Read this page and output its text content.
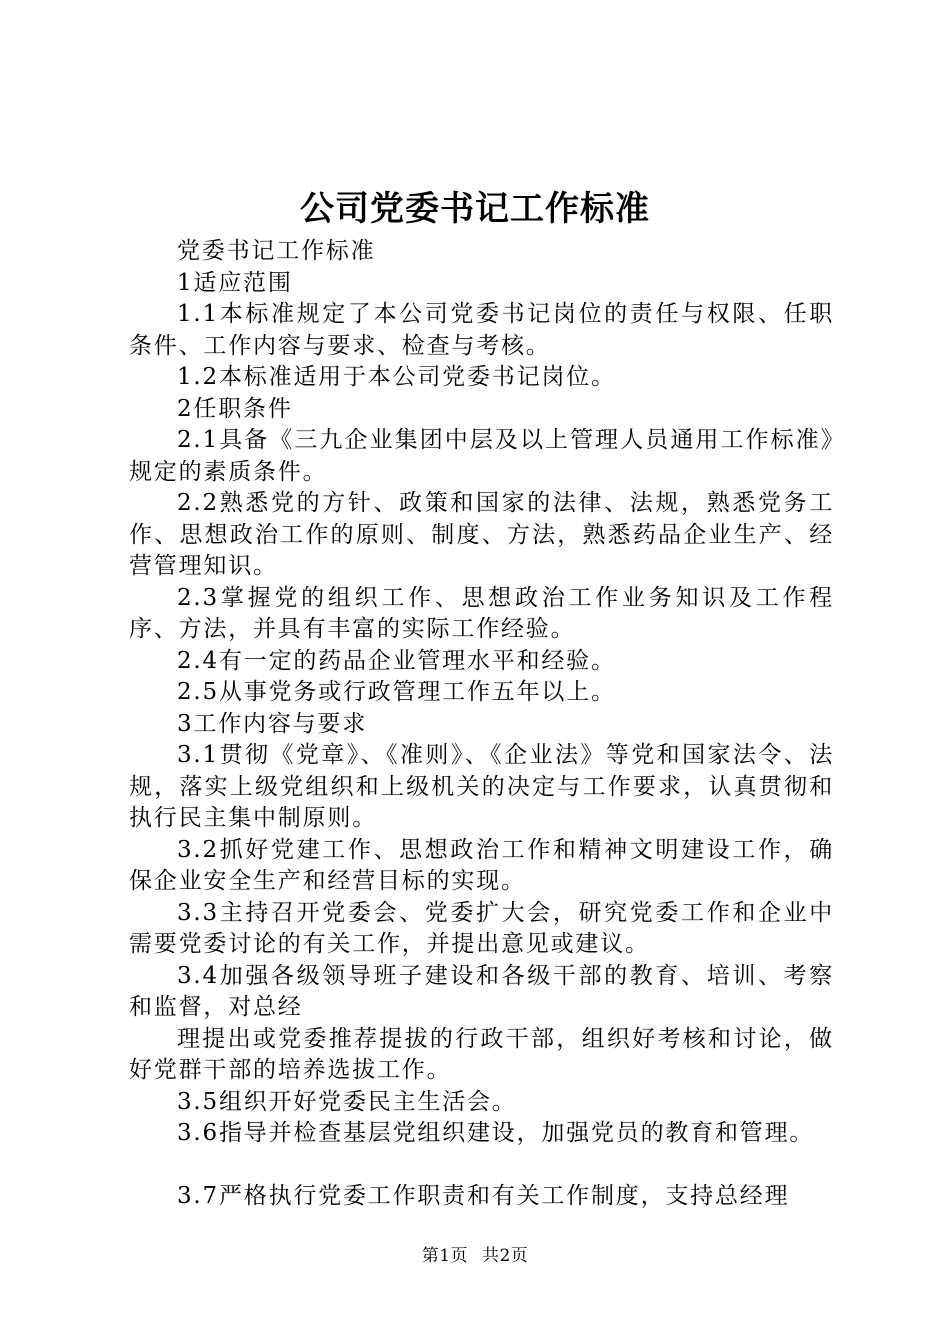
公司党委书记工作标准

党委书记工作标准

1适应范围

1.1本标准规定了本公司党委书记岗位的责任与权限、任职条件、工作内容与要求、检查与考核。

1.2本标准适用于本公司党委书记岗位。

2任职条件

2.1具备《三九企业集团中层及以上管理人员通用工作标准》规定的素质条件。

2.2熟悉党的方针、政策和国家的法律、法规，熟悉党务工作、思想政治工作的原则、制度、方法，熟悉药品企业生产、经营管理知识。

2.3掌握党的组织工作、思想政治工作业务知识及工作程序、方法，并具有丰富的实际工作经验。

2.4有一定的药品企业管理水平和经验。

2.5从事党务或行政管理工作五年以上。

3工作内容与要求

3.1贯彻《党章》、《准则》、《企业法》等党和国家法令、法规，落实上级党组织和上级机关的决定与工作要求，认真贯彻和执行民主集中制原则。

3.2抓好党建工作、思想政治工作和精神文明建设工作，确保企业安全生产和经营目标的实现。

3.3主持召开党委会、党委扩大会，研究党委工作和企业中需要党委讨论的有关工作，并提出意见或建议。

3.4加强各级领导班子建设和各级干部的教育、培训、考察和监督，对总经

理提出或党委推荐提拔的行政干部，组织好考核和讨论，做好党群干部的培养选拔工作。

3.5组织开好党委民主生活会。

3.6指导并检查基层党组织建设，加强党员的教育和管理。

3.7严格执行党委工作职责和有关工作制度，支持总经理

第1页 共2页
